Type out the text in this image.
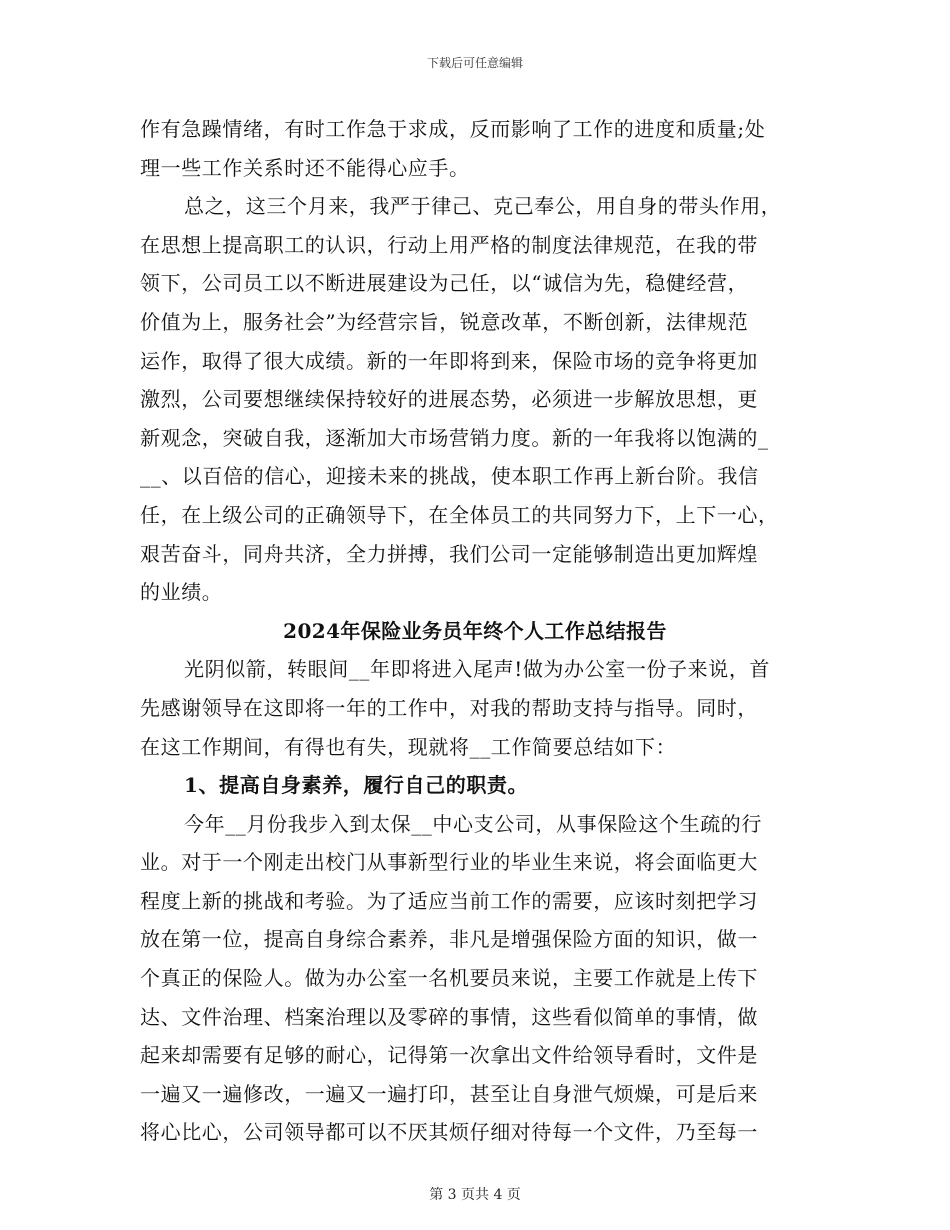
下载后可任意编辑
作有急躁情绪，有时工作急于求成，反而影响了工作的进度和质量;处
理一些工作关系时还不能得心应手。
总之，这三个月来，我严于律己、克己奉公，用自身的带头作用，
在思想上提高职工的认识，行动上用严格的制度法律规范，在我的带
领下，公司员工以不断进展建设为己任，以“诚信为先，稳健经营，
价值为上，服务社会”为经营宗旨，锐意改革，不断创新，法律规范
运作，取得了很大成绩。新的一年即将到来，保险市场的竞争将更加
激烈，公司要想继续保持较好的进展态势，必须进一步解放思想，更
新观念，突破自我，逐渐加大市场营销力度。新的一年我将以饱满的_
__、以百倍的信心，迎接未来的挑战，使本职工作再上新台阶。我信
任，在上级公司的正确领导下，在全体员工的共同努力下，上下一心，
艰苦奋斗，同舟共济，全力拼搏，我们公司一定能够制造出更加辉煌
的业绩。
2024年保险业务员年终个人工作总结报告
光阴似箭，转眼间__年即将进入尾声!做为办公室一份子来说，首
先感谢领导在这即将一年的工作中，对我的帮助支持与指导。同时，
在这工作期间，有得也有失，现就将__工作简要总结如下：
1、提高自身素养，履行自己的职责。
今年__月份我步入到太保__中心支公司，从事保险这个生疏的行
业。对于一个刚走出校门从事新型行业的毕业生来说，将会面临更大
程度上新的挑战和考验。为了适应当前工作的需要，应该时刻把学习
放在第一位，提高自身综合素养，非凡是增强保险方面的知识，做一
个真正的保险人。做为办公室一名机要员来说，主要工作就是上传下
达、文件治理、档案治理以及零碎的事情，这些看似简单的事情，做
起来却需要有足够的耐心，记得第一次拿出文件给领导看时，文件是
一遍又一遍修改，一遍又一遍打印，甚至让自身泄气烦燥，可是后来
将心比心，公司领导都可以不厌其烦仔细对待每一个文件，乃至每一
第 3 页共 4 页
